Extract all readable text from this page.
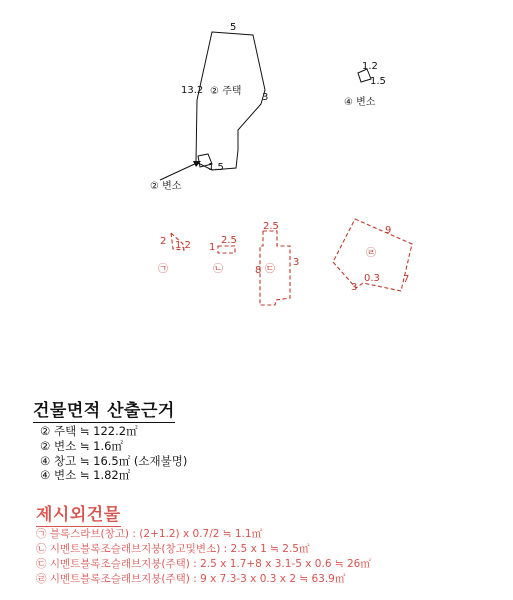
5
13.2
3
② 주택
1.5
② 변소
1.2
1.5
④ 변소
2 1.2
㉠
1
2.5
㉡
2.5
8
3
㉢
9
7
0.3
3
㉣
건물면적 산출근거
② 주택 ≒ 122.2㎡
② 변소 ≒ 1.6㎡
④ 창고 ≒ 16.5㎡ (소재불명)
④ 변소 ≒ 1.82㎡
제시외건물
㉠ 블록스라브(창고) : (2+1.2) x 0.7/2 ≒ 1.1㎡
㉡ 시멘트블록조슬래브지붕(창고및변소) : 2.5 x 1 ≒ 2.5㎡
㉢ 시멘트블록조슬래브지붕(주택) : 2.5 x 1.7+8 x 3.1-5 x 0.6 ≒ 26㎡
㉣ 시멘트블록조슬래브지붕(주택) : 9 x 7.3-3 x 0.3 x 2 ≒ 63.9㎡
